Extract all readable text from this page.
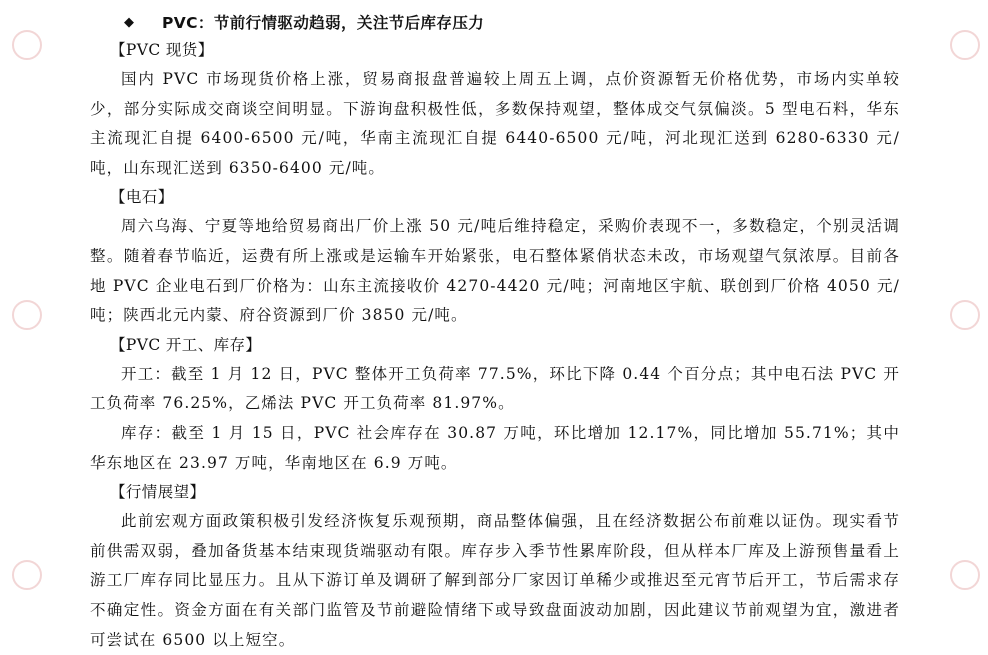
◆	PVC：节前行情驱动趋弱，关注节后库存压力
【PVC 现货】

国内 PVC 市场现货价格上涨，贸易商报盘普遍较上周五上调，点价资源暂无价格优势，市场内实单较少，部分实际成交商谈空间明显。下游询盘积极性低，多数保持观望，整体成交气氛偏淡。5 型电石料，华东主流现汇自提 6400-6500 元/吨，华南主流现汇自提 6440-6500 元/吨，河北现汇送到 6280-6330 元/吨，山东现汇送到 6350-6400 元/吨。

【电石】

周六乌海、宁夏等地给贸易商出厂价上涨 50 元/吨后维持稳定，采购价表现不一，多数稳定，个别灵活调整。随着春节临近，运费有所上涨或是运输车开始紧张，电石整体紧俏状态未改，市场观望气氛浓厚。目前各地 PVC 企业电石到厂价格为：山东主流接收价 4270-4420 元/吨；河南地区宇航、联创到厂价格 4050 元/吨；陕西北元内蒙、府谷资源到厂价 3850 元/吨。

【PVC 开工、库存】

开工：截至 1 月 12 日，PVC 整体开工负荷率 77.5%，环比下降 0.44 个百分点；其中电石法 PVC 开工负荷率 76.25%，乙烯法 PVC 开工负荷率 81.97%。

库存：截至 1 月 15 日，PVC 社会库存在 30.87 万吨，环比增加 12.17%，同比增加 55.71%；其中华东地区在 23.97 万吨，华南地区在 6.9 万吨。

【行情展望】

此前宏观方面政策积极引发经济恢复乐观预期，商品整体偏强，且在经济数据公布前难以证伪。现实看节前供需双弱，叠加备货基本结束现货端驱动有限。库存步入季节性累库阶段，但从样本厂库及上游预售量看上游工厂库存同比显压力。且从下游订单及调研了解到部分厂家因订单稀少或推迟至元宵节后开工，节后需求存不确定性。资金方面在有关部门监管及节前避险情绪下或导致盘面波动加剧，因此建议节前观望为宜，激进者可尝试在 6500 以上短空。
